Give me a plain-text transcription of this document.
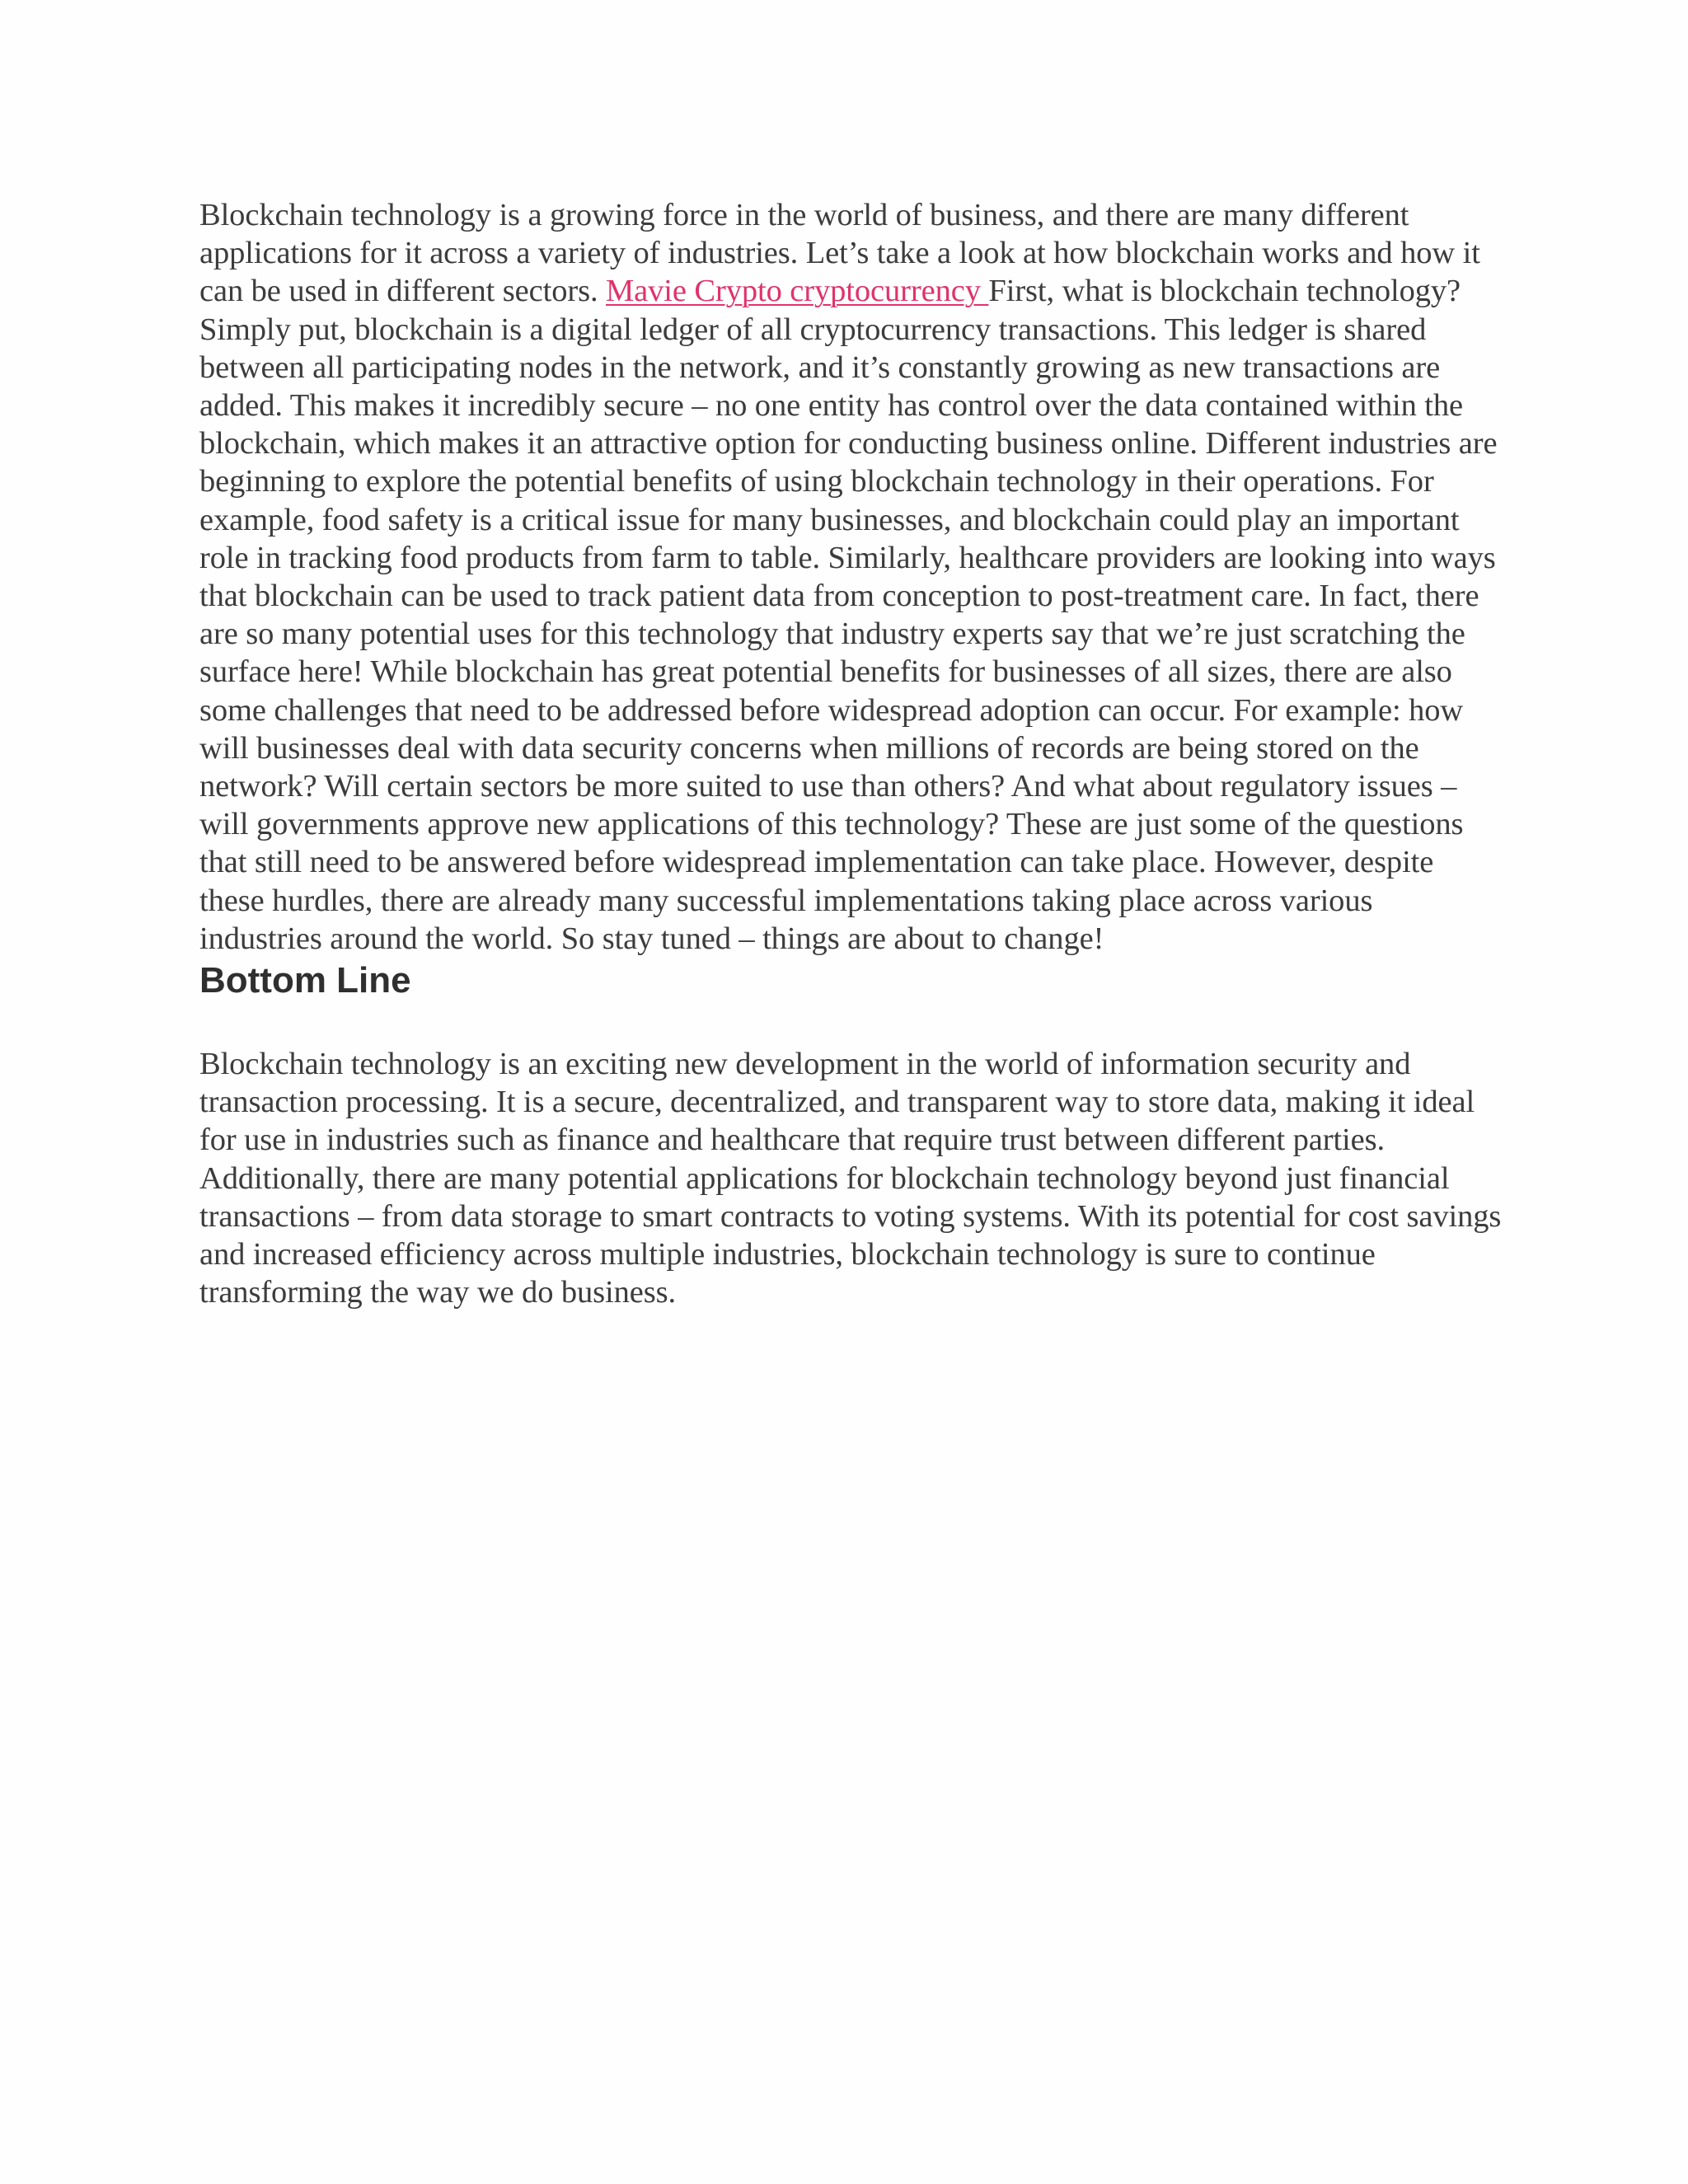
Blockchain technology is a growing force in the world of business, and there are many different applications for it across a variety of industries. Let’s take a look at how blockchain works and how it can be used in different sectors. Mavie Crypto cryptocurrency First, what is blockchain technology? Simply put, blockchain is a digital ledger of all cryptocurrency transactions. This ledger is shared between all participating nodes in the network, and it’s constantly growing as new transactions are added. This makes it incredibly secure – no one entity has control over the data contained within the blockchain, which makes it an attractive option for conducting business online. Different industries are beginning to explore the potential benefits of using blockchain technology in their operations. For example, food safety is a critical issue for many businesses, and blockchain could play an important role in tracking food products from farm to table. Similarly, healthcare providers are looking into ways that blockchain can be used to track patient data from conception to post-treatment care. In fact, there are so many potential uses for this technology that industry experts say that we’re just scratching the surface here! While blockchain has great potential benefits for businesses of all sizes, there are also some challenges that need to be addressed before widespread adoption can occur. For example: how will businesses deal with data security concerns when millions of records are being stored on the network? Will certain sectors be more suited to use than others? And what about regulatory issues – will governments approve new applications of this technology? These are just some of the questions that still need to be answered before widespread implementation can take place. However, despite these hurdles, there are already many successful implementations taking place across various industries around the world. So stay tuned – things are about to change!

Bottom Line

Blockchain technology is an exciting new development in the world of information security and transaction processing. It is a secure, decentralized, and transparent way to store data, making it ideal for use in industries such as finance and healthcare that require trust between different parties. Additionally, there are many potential applications for blockchain technology beyond just financial transactions – from data storage to smart contracts to voting systems. With its potential for cost savings and increased efficiency across multiple industries, blockchain technology is sure to continue transforming the way we do business.
